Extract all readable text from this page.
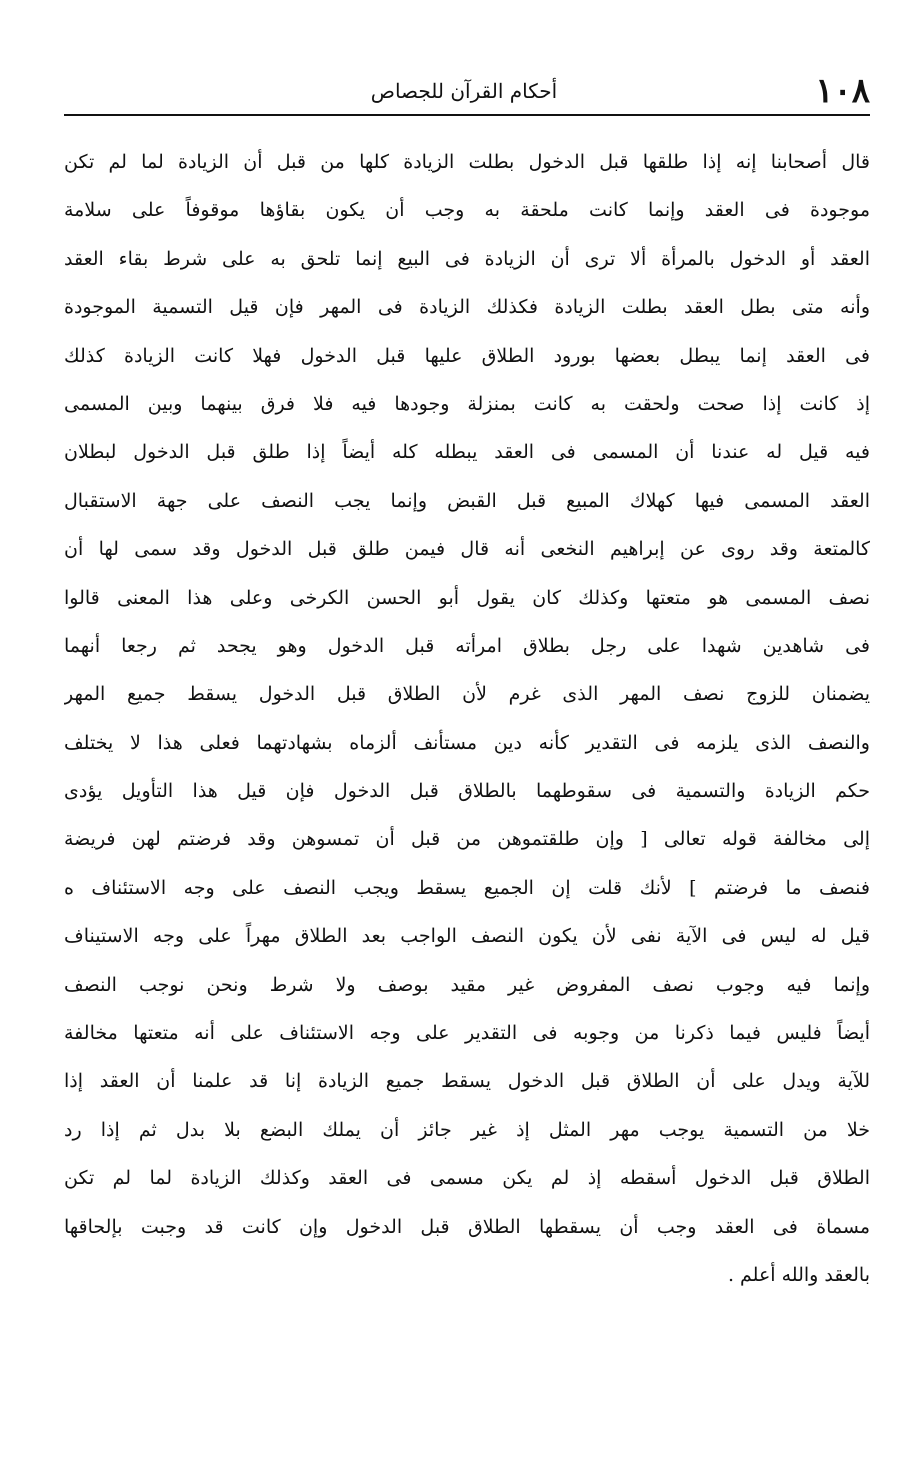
١٠٨
أحكام القرآن للجصاص
قال أصحابنا إنه إذا طلقها قبل الدخول بطلت الزيادة كلها من قبل أن الزيادة لما لم تكن
موجودة فى العقد وإنما كانت ملحقة به وجب أن يكون بقاؤها موقوفاً على سلامة
العقد أو الدخول بالمرأة ألا ترى أن الزيادة فى البيع إنما تلحق به على شرط بقاء العقد
وأنه متى بطل العقد بطلت الزيادة فكذلك الزيادة فى المهر فإن قيل التسمية الموجودة
فى العقد إنما يبطل بعضها بورود الطلاق عليها قبل الدخول فهلا كانت الزيادة كذلك
إذ كانت إذا صحت ولحقت به كانت بمنزلة وجودها فيه فلا فرق بينهما وبين المسمى
فيه قيل له عندنا أن المسمى فى العقد يبطله كله أيضاً إذا طلق قبل الدخول لبطلان
العقد المسمى فيها كهلاك المبيع قبل القبض وإنما يجب النصف على جهة الاستقبال
كالمتعة وقد روى عن إبراهيم النخعى أنه قال فيمن طلق قبل الدخول وقد سمى لها أن
نصف المسمى هو متعتها وكذلك كان يقول أبو الحسن الكرخى وعلى هذا المعنى قالوا
فى شاهدين شهدا على رجل بطلاق امرأته قبل الدخول وهو يجحد ثم رجعا أنهما
يضمنان للزوج نصف المهر الذى غرم لأن الطلاق قبل الدخول يسقط جميع المهر
والنصف الذى يلزمه فى التقدير كأنه دين مستأنف ألزماه بشهادتهما فعلى هذا لا يختلف
حكم الزيادة والتسمية فى سقوطهما بالطلاق قبل الدخول فإن قيل هذا التأويل يؤدى
إلى مخالفة قوله تعالى [ وإن طلقتموهن من قبل أن تمسوهن وقد فرضتم لهن فريضة
فنصف ما فرضتم ] لأنك قلت إن الجميع يسقط ويجب النصف على وجه الاستئناف ه
قيل له ليس فى الآية نفى لأن يكون النصف الواجب بعد الطلاق مهراً على وجه الاستيناف
وإنما فيه وجوب نصف المفروض غير مقيد بوصف ولا شرط ونحن نوجب النصف
أيضاً فليس فيما ذكرنا من وجوبه فى التقدير على وجه الاستئناف على أنه متعتها مخالفة
للآية ويدل على أن الطلاق قبل الدخول يسقط جميع الزيادة إنا قد علمنا أن العقد إذا
خلا من التسمية يوجب مهر المثل إذ غير جائز أن يملك البضع بلا بدل ثم إذا رد
الطلاق قبل الدخول أسقطه إذ لم يكن مسمى فى العقد وكذلك الزيادة لما لم تكن
مسماة فى العقد وجب أن يسقطها الطلاق قبل الدخول وإن كانت قد وجبت بإلحاقها
بالعقد والله أعلم .
